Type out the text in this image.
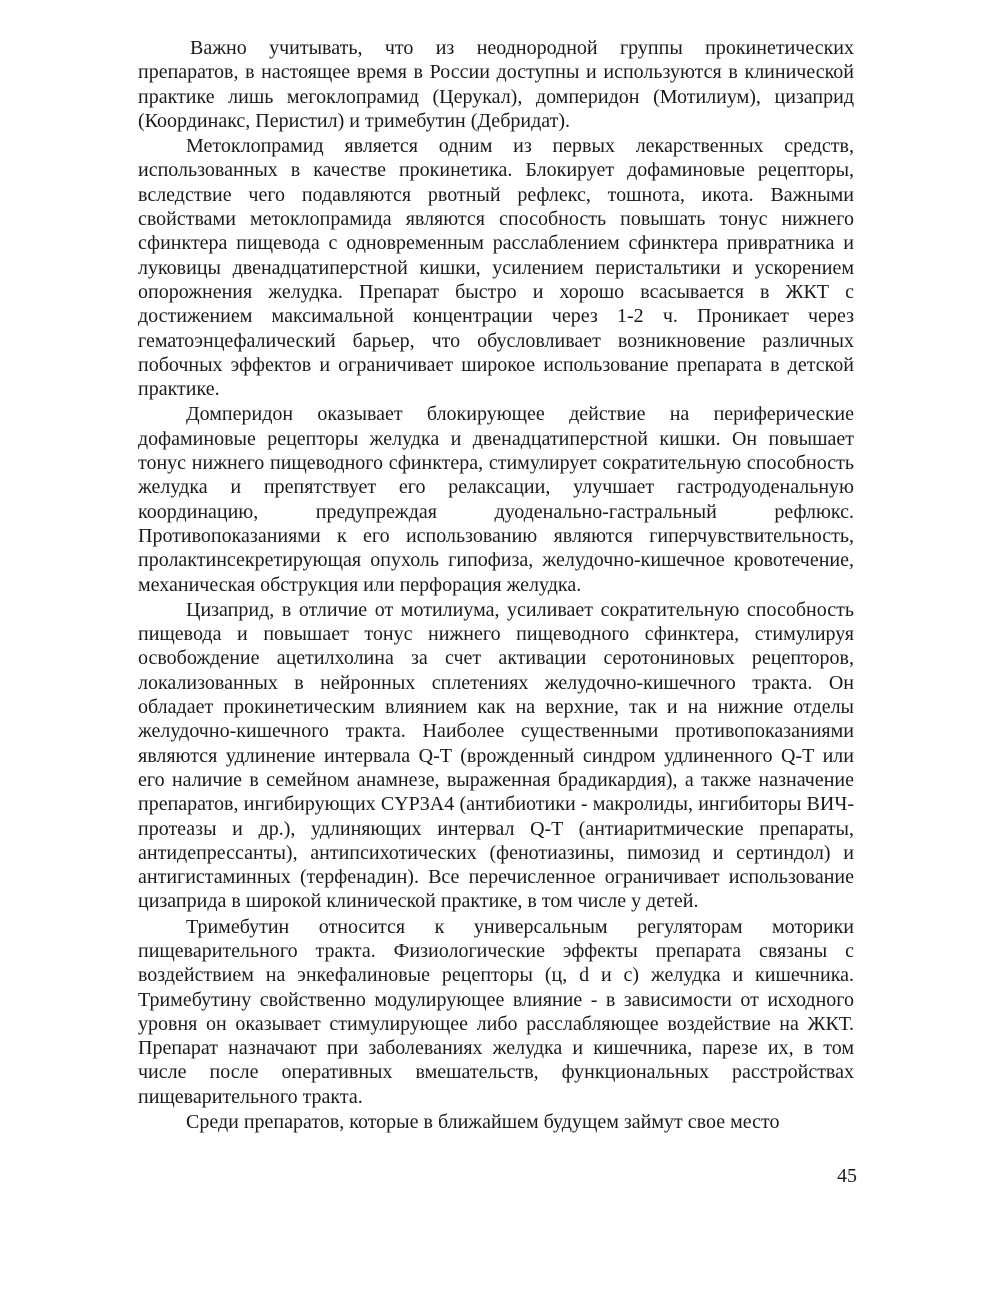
Важно учитывать, что из неоднородной группы прокинетических препаратов, в настоящее время в России доступны и используются в клинической практике лишь мегоклопрамид (Церукал), домперидон (Мотилиум), цизаприд (Координакс, Перистил) и тримебутин (Дебридат).

Метоклопрамид является одним из первых лекарственных средств, использованных в качестве прокинетика. Блокирует дофаминовые рецепторы, вследствие чего подавляются рвотный рефлекс, тошнота, икота. Важными свойствами метоклопрамида являются способность повышать тонус нижнего сфинктера пищевода с одновременным расслаблением сфинктера привратника и луковицы двенадцатиперстной кишки, усилением перистальтики и ускорением опорожнения желудка. Препарат быстро и хорошо всасывается в ЖКТ с достижением максимальной концентрации через 1-2 ч. Проникает через гематоэнцефалический барьер, что обусловливает возникновение различных побочных эффектов и ограничивает широкое использование препарата в детской практике.

Домперидон оказывает блокирующее действие на периферические дофаминовые рецепторы желудка и двенадцатиперстной кишки. Он повышает тонус нижнего пищеводного сфинктера, стимулирует сократительную способность желудка и препятствует его релаксации, улучшает гастродуоденальную координацию, предупреждая дуоденально-гастральный рефлюкс. Противопоказаниями к его использованию являются гиперчувствительность, пролактинсекретирующая опухоль гипофиза, желудочно-кишечное кровотечение, механическая обструкция или перфорация желудка.

Цизаприд, в отличие от мотилиума, усиливает сократительную способность пищевода и повышает тонус нижнего пищеводного сфинктера, стимулируя освобождение ацетилхолина за счет активации серотониновых рецепторов, локализованных в нейронных сплетениях желудочно-кишечного тракта. Он обладает прокинетическим влиянием как на верхние, так и на нижние отделы желудочно-кишечного тракта. Наиболее существенными противопоказаниями являются удлинение интервала Q-T (врожденный синдром удлиненного Q-T или его наличие в семейном анамнезе, выраженная брадикардия), а также назначение препаратов, ингибирующих CYP3A4 (антибиотики - макролиды, ингибиторы ВИЧ-протеазы и др.), удлиняющих интервал Q-T (антиаритмические препараты, антидепрессанты), антипсихотических (фенотиазины, пимозид и сертиндол) и антигистаминных (терфенадин). Все перечисленное ограничивает использование цизаприда в широкой клинической практике, в том числе у детей.

Тримебутин относится к универсальным регуляторам моторики пищеварительного тракта. Физиологические эффекты препарата связаны с воздействием на энкефалиновые рецепторы (ц, d и с) желудка и кишечника. Тримебутину свойственно модулирующее влияние - в зависимости от исходного уровня он оказывает стимулирующее либо расслабляющее воздействие на ЖКТ. Препарат назначают при заболеваниях желудка и кишечника, парезе их, в том числе после оперативных вмешательств, функциональных расстройствах пищеварительного тракта.

Среди препаратов, которые в ближайшем будущем займут свое место

45
